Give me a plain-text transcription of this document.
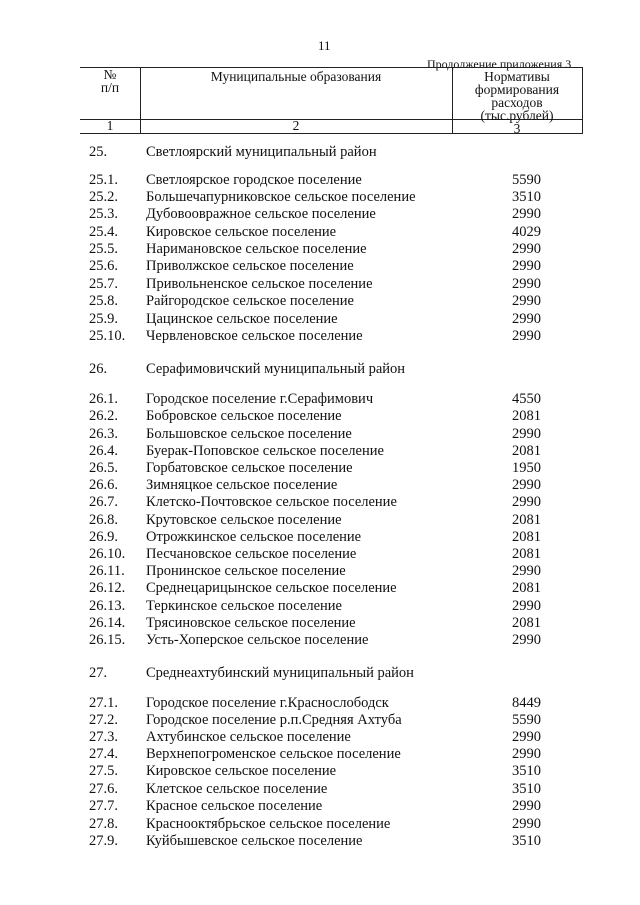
11
Продолжение приложения 3
№
п/п
Муниципальные образования	Нормативы
формирования
расходов
(тыс.рублей)
1	2	3
25.	Светлоярский муниципальный район
25.1. Светлоярское городское поселение	5590
25.2. Большечапурниковское сельское поселение	3510
25.3. Дубовоовражное сельское поселение	2990
25.4. Кировское сельское поселение	4029
25.5. Наримановское сельское поселение	2990
25.6. Приволжское сельское поселение	2990
25.7. Привольненское сельское поселение	2990
25.8. Райгородское сельское поселение	2990
25.9. Цацинское сельское поселение	2990
25.10. Червленовское сельское поселение	2990
26.	Серафимовичский муниципальный район
26.1. Городское поселение г.Серафимович	4550
26.2. Бобровское сельское поселение	2081
26.3. Большовское сельское поселение	2990
26.4. Буерак-Поповское сельское поселение	2081
26.5. Горбатовское сельское поселение	1950
26.6. Зимняцкое сельское поселение	2990
26.7. Клетско-Почтовское сельское поселение	2990
26.8. Крутовское сельское поселение	2081
26.9. Отрожкинское сельское поселение	2081
26.10. Песчановское сельское поселение	2081
26.11. Пронинское сельское поселение	2990
26.12. Среднецарицынское сельское поселение	2081
26.13. Теркинское сельское поселение	2990
26.14. Трясиновское сельское поселение	2081
26.15. Усть-Хоперское сельское поселение	2990
27.	Среднеахтубинский муниципальный район
27.1. Городское поселение г.Краснослободск	8449
27.2. Городское поселение р.п.Средняя Ахтуба	5590
27.3. Ахтубинское сельское поселение	2990
27.4. Верхнепогроменское сельское поселение	2990
27.5. Кировское сельское поселение	3510
27.6. Клетское сельское поселение	3510
27.7. Красное сельское поселение	2990
27.8. Краснооктябрьское сельское поселение	2990
27.9. Куйбышевское сельское поселение	3510
